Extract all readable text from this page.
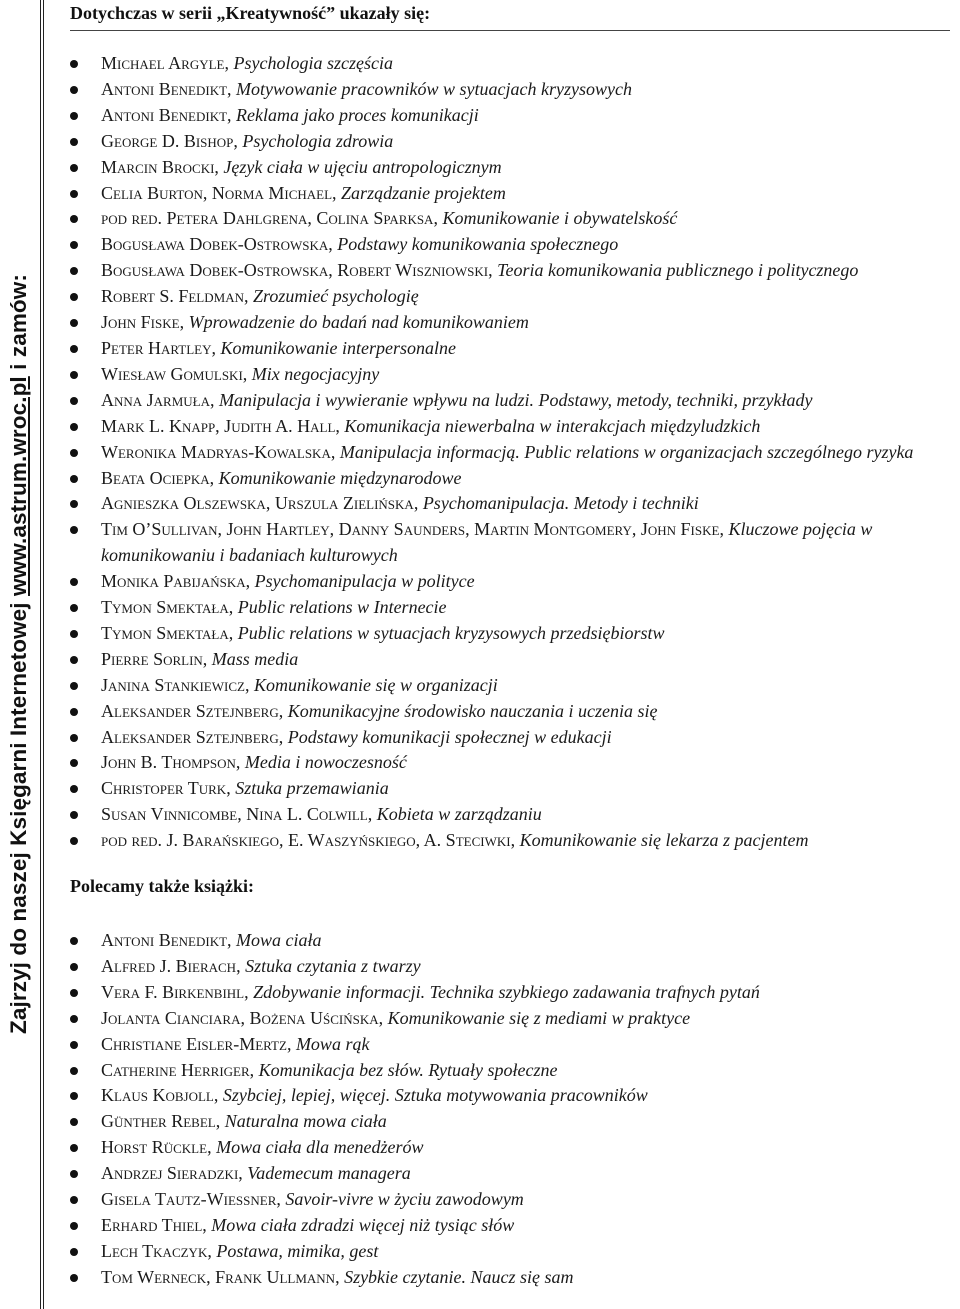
Zajrzyj do naszej Księgarni Internetowej www.astrum.wroc.pl i zamów:
Dotychczas w serii „Kreatywność” ukazały się:
Michael Argyle, Psychologia szczęścia
Antoni Benedikt, Motywowanie pracowników w sytuacjach kryzysowych
Antoni Benedikt, Reklama jako proces komunikacji
George D. Bishop, Psychologia zdrowia
Marcin Brocki, Język ciała w ujęciu antropologicznym
Celia Burton, Norma Michael, Zarządzanie projektem
pod red. Petera Dahlgrena, Colina Sparksa, Komunikowanie i obywatelskość
Bogusława Dobek-Ostrowska, Podstawy komunikowania społecznego
Bogusława Dobek-Ostrowska, Robert Wiszniowski, Teoria komunikowania publicznego i politycznego
Robert S. Feldman, Zrozumieć psychologię
John Fiske, Wprowadzenie do badań nad komunikowaniem
Peter Hartley, Komunikowanie interpersonalne
Wiesław Gomulski, Mix negocjacyjny
Anna Jarmuła, Manipulacja i wywieranie wpływu na ludzi. Podstawy, metody, techniki, przykłady
Mark L. Knapp, Judith A. Hall, Komunikacja niewerbalna w interakcjach międzyludzkich
Weronika Madryas-Kowalska, Manipulacja informacją. Public relations w organizacjach szczególnego ryzyka
Beata Ociepka, Komunikowanie międzynarodowe
Agnieszka Olszewska, Urszula Zielińska, Psychomanipulacja. Metody i techniki
Tim O’Sullivan, John Hartley, Danny Saunders, Martin Montgomery, John Fiske, Kluczowe pojęcia w komunikowaniu i badaniach kulturowych
Monika Pabijańska, Psychomanipulacja w polityce
Tymon Smektała, Public relations w Internecie
Tymon Smektała, Public relations w sytuacjach kryzysowych przedsiębiorstw
Pierre Sorlin, Mass media
Janina Stankiewicz, Komunikowanie się w organizacji
Aleksander Sztejnberg, Komunikacyjne środowisko nauczania i uczenia się
Aleksander Sztejnberg, Podstawy komunikacji społecznej w edukacji
John B. Thompson, Media i nowoczesność
Christoper Turk, Sztuka przemawiania
Susan Vinnicombe, Nina L. Colwill, Kobieta w zarządzaniu
pod red. J. Barańskiego, E. Waszyńskiego, A. Steciwki, Komunikowanie się lekarza z pacjentem
Polecamy także książki:
Antoni Benedikt, Mowa ciała
Alfred J. Bierach, Sztuka czytania z twarzy
Vera F. Birkenbihl, Zdobywanie informacji. Technika szybkiego zadawania trafnych pytań
Jolanta Cianciara, Bożena Uścińska, Komunikowanie się z mediami w praktyce
Christiane Eisler-Mertz, Mowa rąk
Catherine Herriger, Komunikacja bez słów. Rytuały społeczne
Klaus Kobjoll, Szybciej, lepiej, więcej. Sztuka motywowania pracowników
Günther Rebel, Naturalna mowa ciała
Horst Rückle, Mowa ciała dla menedżerów
Andrzej Sieradzki, Vademecum managera
Gisela Tautz-Wiessner, Savoir-vivre w życiu zawodowym
Erhard Thiel, Mowa ciała zdradzi więcej niż tysiąc słów
Lech Tkaczyk, Postawa, mimika, gest
Tom Werneck, Frank Ullmann, Szybkie czytanie. Naucz się sam
